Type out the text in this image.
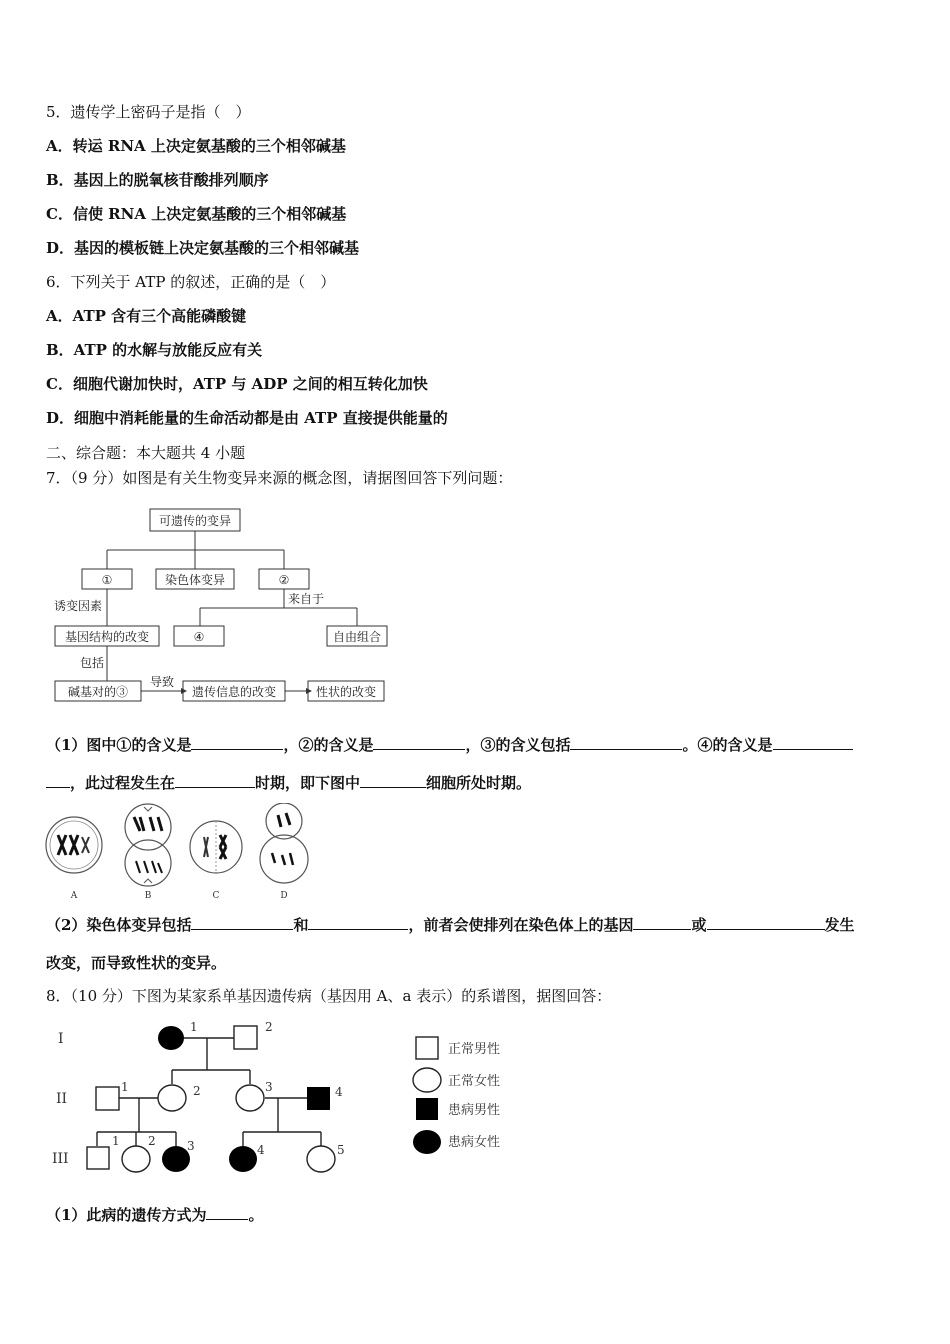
5．遗传学上密码子是指（　）
A．转运 RNA 上决定氨基酸的三个相邻碱基
B．基因上的脱氧核苷酸排列顺序
C．信使 RNA 上决定氨基酸的三个相邻碱基
D．基因的模板链上决定氨基酸的三个相邻碱基
6．下列关于 ATP 的叙述，正确的是（　）
A．ATP 含有三个高能磷酸键
B．ATP 的水解与放能反应有关
C．细胞代谢加快时，ATP 与 ADP 之间的相互转化加快
D．细胞中消耗能量的生命活动都是由 ATP 直接提供能量的
二、综合题：本大题共 4 小题
7．（9 分）如图是有关生物变异来源的概念图，请据图回答下列问题：
可遗传的变异
①	染色体变异	②
诱变因素	来自于
基因结构的改变	④	自由组合
包括
碱基对的③
导致
遗传信息的改变	性状的改变
（1）图中①的含义是	，②的含义是	，③的含义包括	。④的含义是
，此过程发生在	时期，即下图中	细胞所处时期。
A	B	C	D
（2）染色体变异包括	和	，前者会使排列在染色体上的基因	或	发生
改变，而导致性状的变异。
8．（10 分）下图为某家系单基因遗传病（基因用 A、a 表示）的系谱图，据图回答：
I
II
III
1	2
1	2	3	4
1 2	3	4	5
正常男性
正常女性
患病男性
患病女性
（1）此病的遗传方式为	。
